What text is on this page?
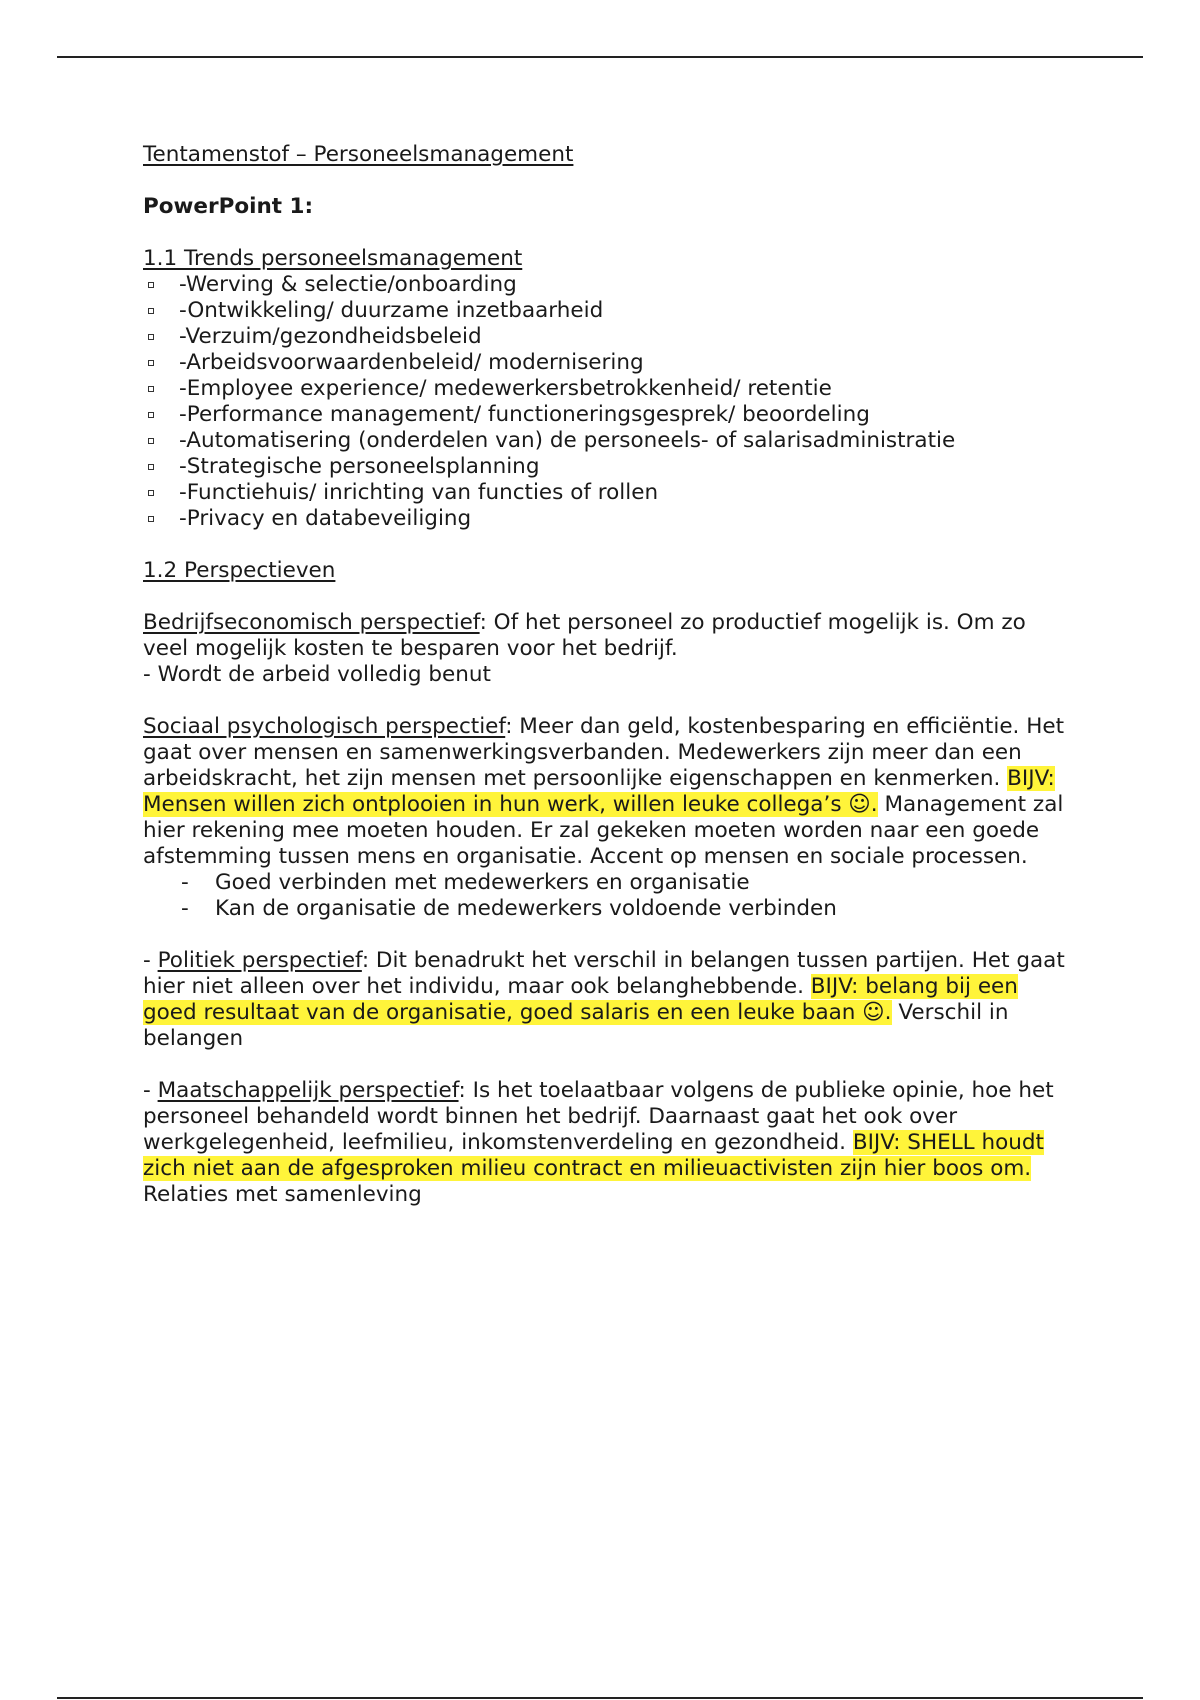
Tentamenstof – Personeelsmanagement

PowerPoint 1:

1.1 Trends personeelsmanagement

-Werving & selectie/onboarding
-Ontwikkeling/ duurzame inzetbaarheid
-Verzuim/gezondheidsbeleid
-Arbeidsvoorwaardenbeleid/ modernisering
-Employee experience/ medewerkersbetrokkenheid/ retentie
-Performance management/ functioneringsgesprek/ beoordeling
-Automatisering (onderdelen van) de personeels- of salarisadministratie
-Strategische personeelsplanning
-Functiehuis/ inrichting van functies of rollen
-Privacy en databeveiliging

1.2 Perspectieven

Bedrijfseconomisch perspectief: Of het personeel zo productief mogelijk is. Om zo veel mogelijk kosten te besparen voor het bedrijf.

- Wordt de arbeid volledig benut

Sociaal psychologisch perspectief: Meer dan geld, kostenbesparing en efficiëntie. Het gaat over mensen en samenwerkingsverbanden. Medewerkers zijn meer dan een arbeidskracht, het zijn mensen met persoonlijke eigenschappen en kenmerken. BIJV: Mensen willen zich ontplooien in hun werk, willen leuke collega’s ☺. Management zal hier rekening mee moeten houden. Er zal gekeken moeten worden naar een goede afstemming tussen mens en organisatie. Accent op mensen en sociale processen.

- Goed verbinden met medewerkers en organisatie
- Kan de organisatie de medewerkers voldoende verbinden

- Politiek perspectief: Dit benadrukt het verschil in belangen tussen partijen. Het gaat hier niet alleen over het individu, maar ook belanghebbende. BIJV: belang bij een goed resultaat van de organisatie, goed salaris en een leuke baan ☺. Verschil in belangen

- Maatschappelijk perspectief: Is het toelaatbaar volgens de publieke opinie, hoe het personeel behandeld wordt binnen het bedrijf. Daarnaast gaat het ook over werkgelegenheid, leefmilieu, inkomstenverdeling en gezondheid. BIJV: SHELL houdt zich niet aan de afgesproken milieu contract en milieuactivisten zijn hier boos om. Relaties met samenleving
